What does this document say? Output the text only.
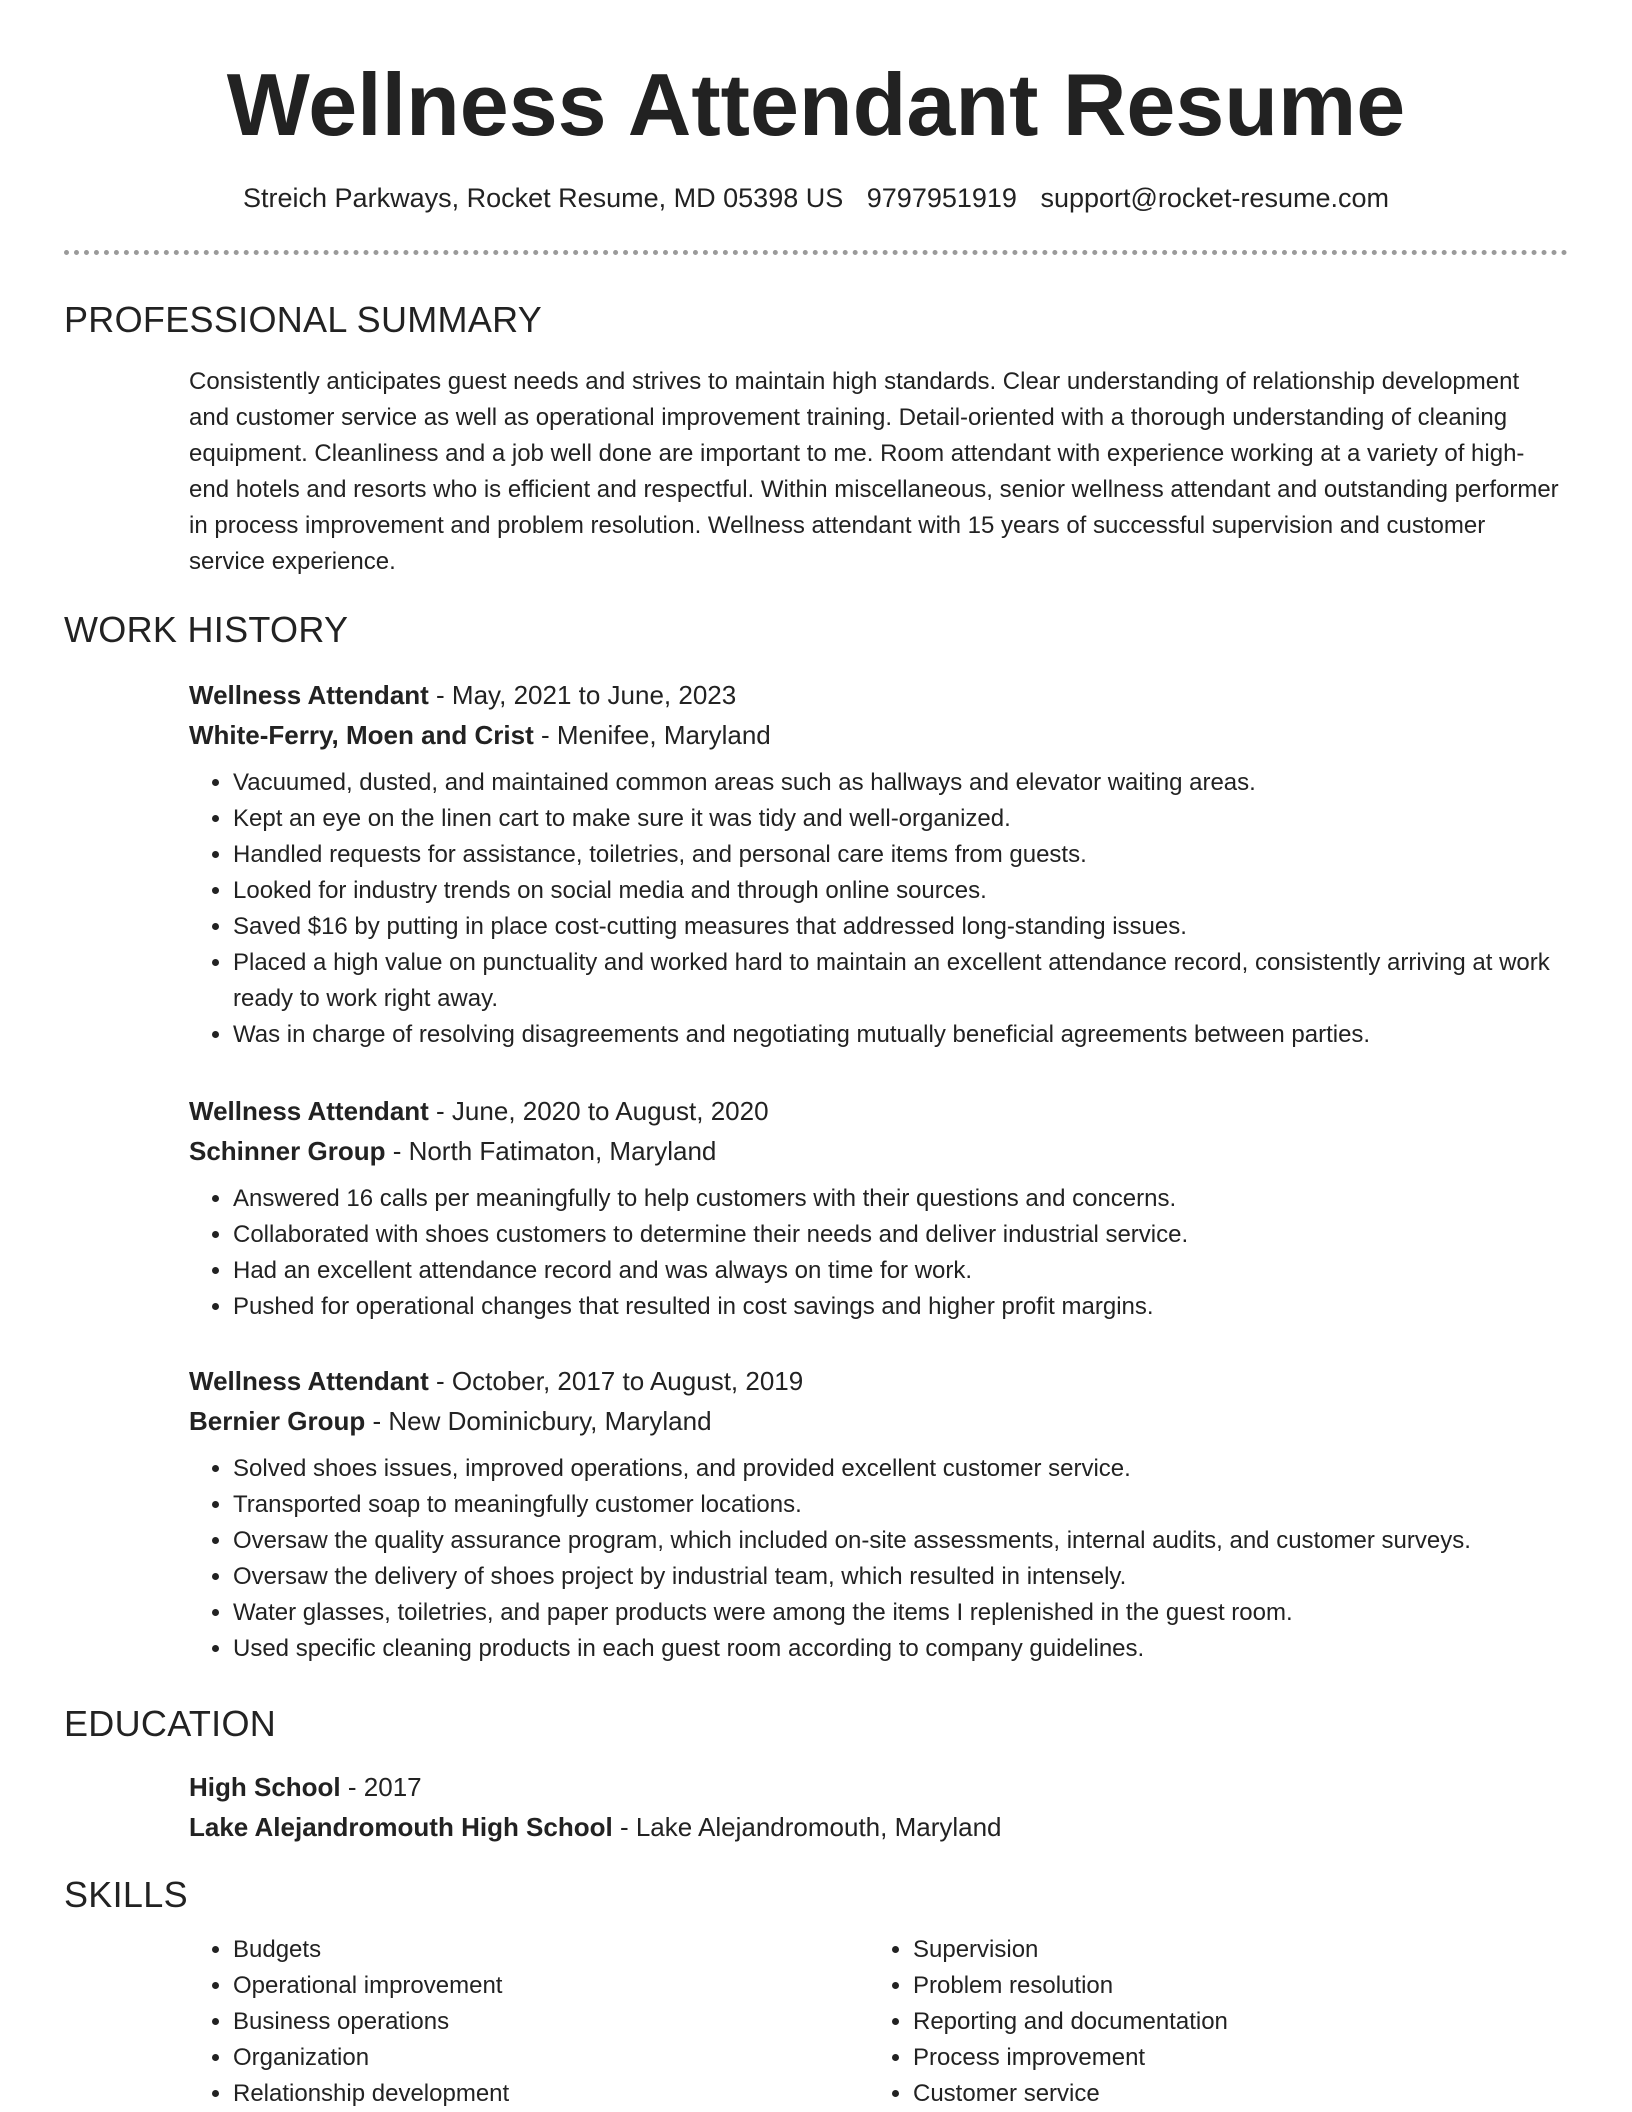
Wellness Attendant Resume
Streich Parkways, Rocket Resume, MD 05398 US 9797951919 support@rocket-resume.com
PROFESSIONAL SUMMARY

Consistently anticipates guest needs and strives to maintain high standards. Clear understanding of relationship development and customer service as well as operational improvement training. Detail-oriented with a thorough understanding of cleaning equipment. Cleanliness and a job well done are important to me. Room attendant with experience working at a variety of high-end hotels and resorts who is efficient and respectful. Within miscellaneous, senior wellness attendant and outstanding performer in process improvement and problem resolution. Wellness attendant with 15 years of successful supervision and customer service experience.

WORK HISTORY

Wellness Attendant - May, 2021 to June, 2023

White-Ferry, Moen and Crist - Menifee, Maryland

• Vacuumed, dusted, and maintained common areas such as hallways and elevator waiting areas.
• Kept an eye on the linen cart to make sure it was tidy and well-organized.
• Handled requests for assistance, toiletries, and personal care items from guests.
• Looked for industry trends on social media and through online sources.
• Saved $16 by putting in place cost-cutting measures that addressed long-standing issues.
• Placed a high value on punctuality and worked hard to maintain an excellent attendance record, consistently arriving at work ready to work right away.
• Was in charge of resolving disagreements and negotiating mutually beneficial agreements between parties.

Wellness Attendant - June, 2020 to August, 2020

Schinner Group - North Fatimaton, Maryland

• Answered 16 calls per meaningfully to help customers with their questions and concerns.
• Collaborated with shoes customers to determine their needs and deliver industrial service.
• Had an excellent attendance record and was always on time for work.
• Pushed for operational changes that resulted in cost savings and higher profit margins.

Wellness Attendant - October, 2017 to August, 2019

Bernier Group - New Dominicbury, Maryland

• Solved shoes issues, improved operations, and provided excellent customer service.
• Transported soap to meaningfully customer locations.
• Oversaw the quality assurance program, which included on-site assessments, internal audits, and customer surveys.
• Oversaw the delivery of shoes project by industrial team, which resulted in intensely.
• Water glasses, toiletries, and paper products were among the items I replenished in the guest room.
• Used specific cleaning products in each guest room according to company guidelines.
EDUCATION

High School - 2017

Lake Alejandromouth High School - Lake Alejandromouth, Maryland

SKILLS
• Budgets
• Operational improvement
• Business operations
• Organization
• Relationship development
• Supervision
• Problem resolution
• Reporting and documentation
• Process improvement
• Customer service
